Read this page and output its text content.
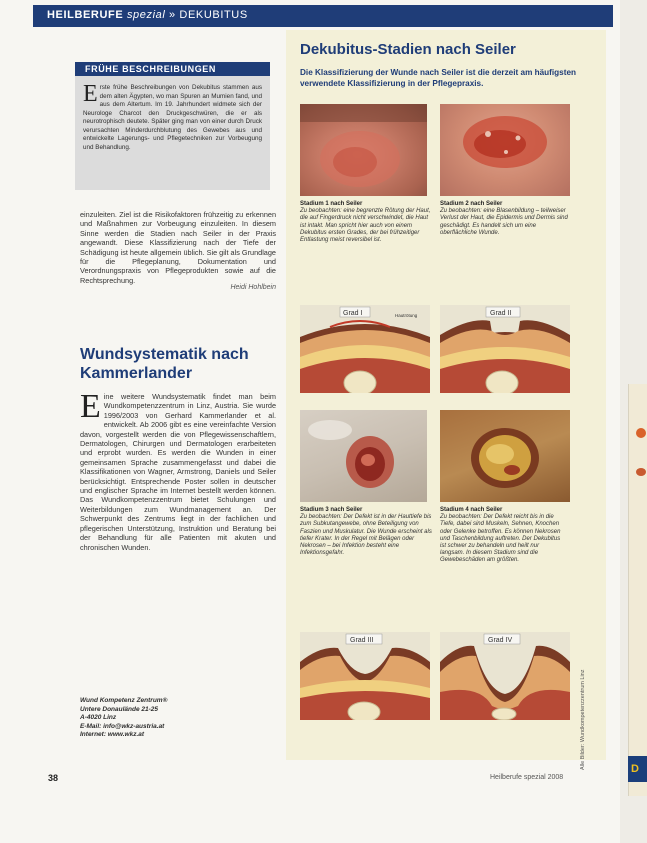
HEILBERUFE spezial » DEKUBITUS
FRÜHE BESCHREIBUNGEN
E rste frühe Beschreibungen von Dekubitus stammen aus dem alten Ägypten, wo man Spuren an Mumien fand, und aus dem Altertum. Im 19. Jahrhundert widmete sich der Neurologe Charcot den Druckgeschwüren, die er als neurotrophisch deutete. Später ging man von einer durch Druck verursachten Minderdurchblutung des Gewebes aus und entwickelte Lagerungs- und Pflegetechniken zur Vorbeugung und Behandlung.
einzuleiten. Ziel ist die Risikofaktoren frühzeitig zu erkennen und Maßnahmen zur Vorbeugung einzuleiten. In diesem Sinne werden die Stadien nach Seiler in der Praxis angewandt. Diese Klassifizierung nach der Tiefe der Schädigung ist heute allgemein üblich. Sie gilt als Grundlage für die Pflegeplanung, Dokumentation und Verordnungspraxis von Pflegeprodukten sowie auf die Rechtsprechung.
Heidi Hohlbein
Wundsystematik nach Kammerlander
E ine weitere Wundsystematik findet man beim Wundkompetenzzentrum in Linz, Austria. Sie wurde 1996/2003 von Gerhard Kammerlander et al. entwickelt. Ab 2006 gibt es eine vereinfachte Version davon, vorgestellt werden die von Pflegewissenschaftlern, Dermatologen, Chirurgen und Dermatologen erarbeiteten und erprobt wurden. Es werden die Wunden in einer gemeinsamen Sprache zusammengefasst und dabei die Klassifikationen von Wagner, Armstrong, Daniels und Seiler berücksichtigt. Entsprechende Poster sollen in deutscher und englischer Sprache im Internet bestellt werden können. Das Wundkompetenzzentrum bietet Schulungen und Weiterbildungen zum Wundmanagement an. Der Schwerpunkt des Zentrums liegt in der fachlichen und pflegerischen Unterstützung, Instruktion und Beratung bei der Behandlung für alle Patienten mit akuten und chronischen Wunden.
Wund Kompetenz Zentrum®
Untere Donaulände 21-25
A-4020 Linz
E-Mail: info@wkz-austria.at
Internet: www.wkz.at
38	Heilberufe spezial 2008
Dekubitus-Stadien nach Seiler
Die Klassifizierung der Wunde nach Seiler ist die derzeit am häufigsten verwendete Klassifizierung in der Pflegepraxis.
Stadium 1 nach Seiler
Zu beobachten: eine begrenzte Rötung der Haut, die auf Fingerdruck nicht verschwindet, die Haut ist intakt. Man spricht hier auch von einem Dekubitus ersten Grades, der bei frühzeitiger Entlastung meist reversibel ist.
Stadium 2 nach Seiler
Zu beobachten: eine Blasenbildung – teilweiser Verlust der Haut, die Epidermis und Dermis sind geschädigt. Es handelt sich um eine oberflächliche Wunde.
Grad I	Hautrötung	Grad II
Stadium 3 nach Seiler
Zu beobachten: Der Defekt ist in der Hauttiefe bis zum Subkutangewebe, ohne Beteiligung von Faszien und Muskulatur. Die Wunde erscheint als tiefer Krater. In der Regel mit Belägen oder Nekrosen – bei Infektion besteht eine Infektionsgefahr.
Stadium 4 nach Seiler
Zu beobachten: Der Defekt reicht bis in die Tiefe, dabei sind Muskeln, Sehnen, Knochen oder Gelenke betroffen. Es können Nekrosen und Taschenbildung auftreten. Der Dekubitus ist schwer zu behandeln und heilt nur langsam. In diesem Stadium sind die Gewebeschäden am größten.
Grad III	Grad IV
Alle Bilder: Wundkompetenzzentrum Linz	D
